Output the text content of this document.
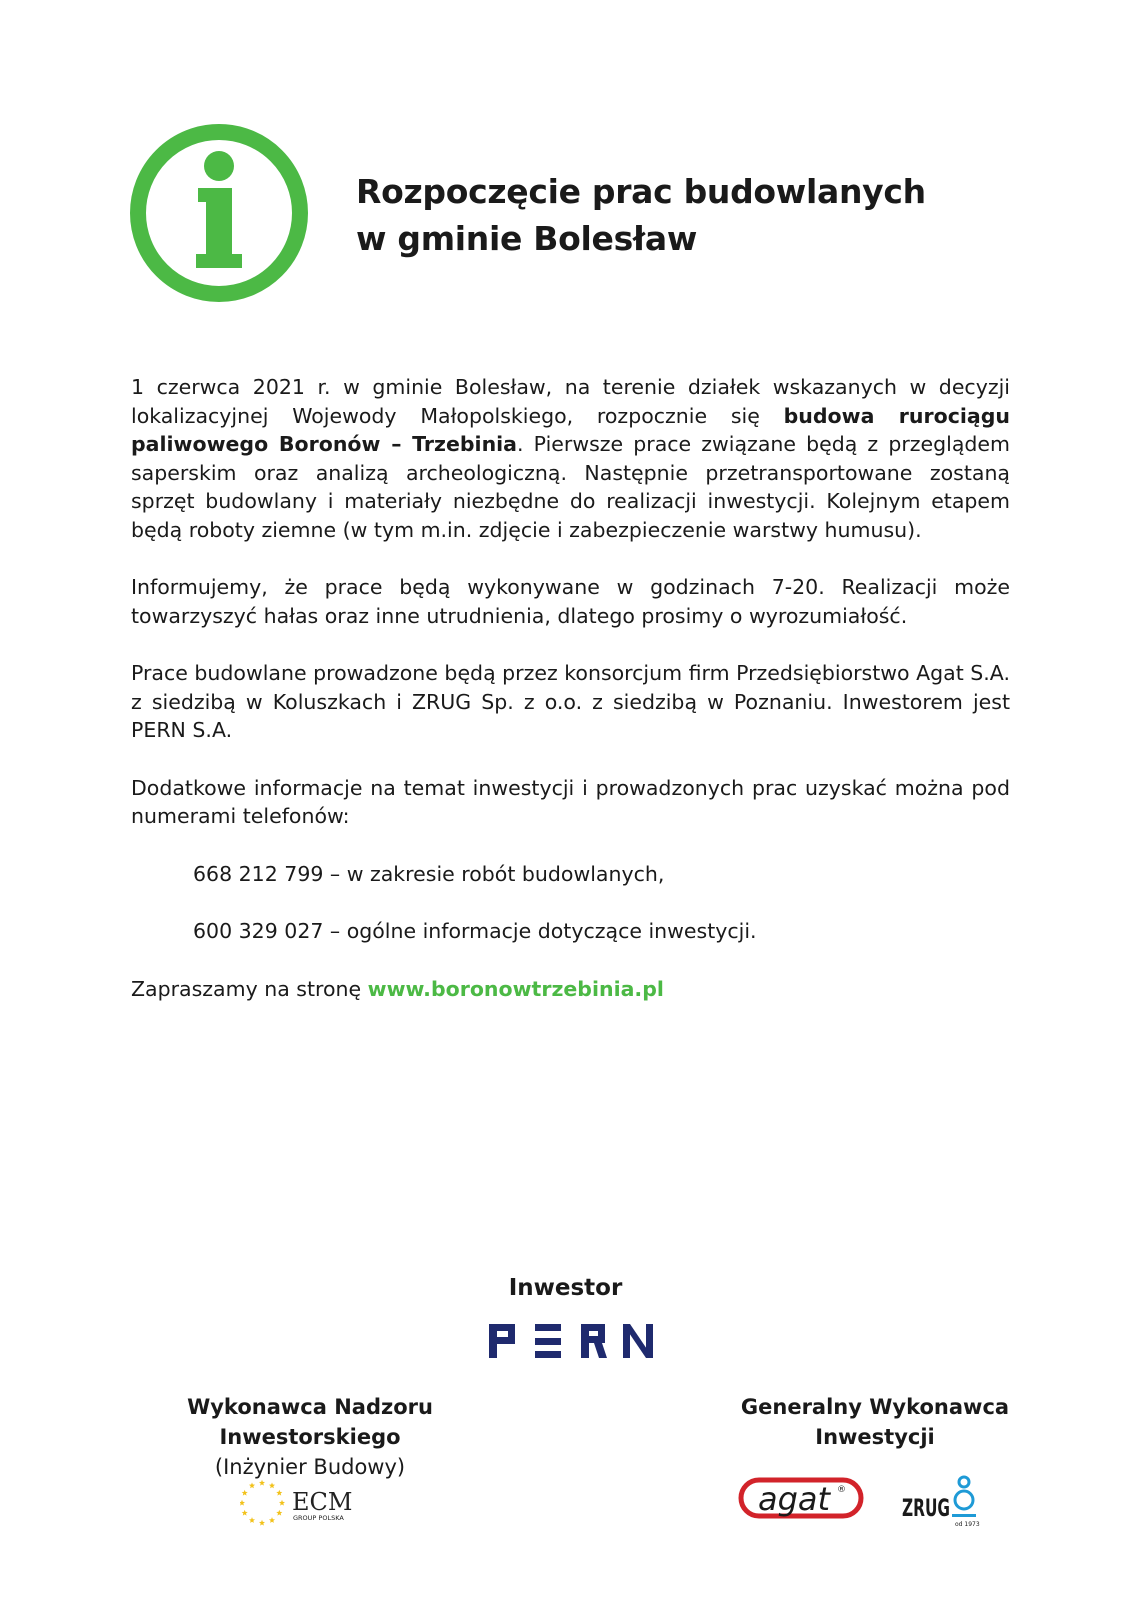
Rozpoczęcie prac budowlanych
w gminie Bolesław

1 czerwca 2021 r. w gminie Bolesław, na terenie działek wskazanych w decyzji lokalizacyjnej Wojewody Małopolskiego, rozpocznie się budowa rurociągu paliwowego Boronów – Trzebinia. Pierwsze prace związane będą z przeglądem saperskim oraz analizą archeologiczną. Następnie przetransportowane zostaną sprzęt budowlany i materiały niezbędne do realizacji inwestycji. Kolejnym etapem będą roboty ziemne (w tym m.in. zdjęcie i zabezpieczenie warstwy humusu).

Informujemy, że prace będą wykonywane w godzinach 7-20. Realizacji może towarzyszyć hałas oraz inne utrudnienia, dlatego prosimy o wyrozumiałość.

Prace budowlane prowadzone będą przez konsorcjum firm Przedsiębiorstwo Agat S.A. z siedzibą w Koluszkach i ZRUG Sp. z o.o. z siedzibą w Poznaniu. Inwestorem jest PERN S.A.

Dodatkowe informacje na temat inwestycji i prowadzonych prac uzyskać można pod numerami telefonów:

668 212 799 – w zakresie robót budowlanych,

600 329 027 – ogólne informacje dotyczące inwestycji.

Zapraszamy na stronę www.boronowtrzebinia.pl

Inwestor
Wykonawca Nadzoru Inwestorskiego
(Inżynier Budowy)
Generalny Wykonawca
Inwestycji
ECM
GROUP POLSKA	agat ®
ZRUG
od 1973
